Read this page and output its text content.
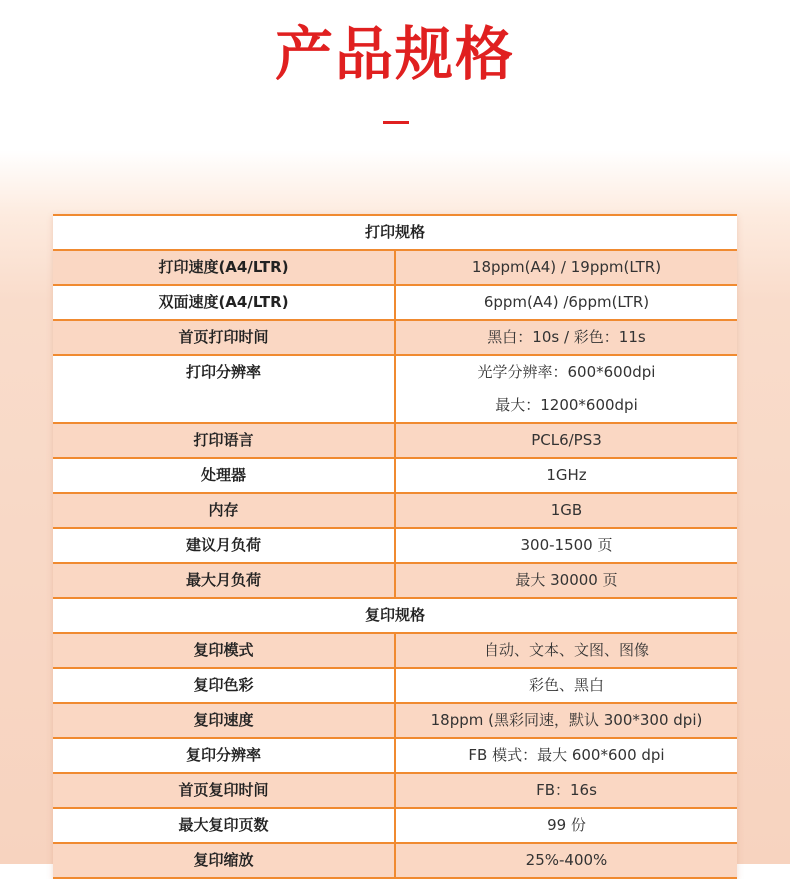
产品规格
打印规格	
打印速度(A4/LTR)	18ppm(A4) / 19ppm(LTR)
双面速度(A4/LTR)	6ppm(A4) /6ppm(LTR)
首页打印时间	黑白：10s / 彩色：11s
打印分辨率	光学分辨率：600*600dpi
最大：1200*600dpi

打印语言	PCL6/PS3
处理器	1GHz
内存	1GB
建议月负荷	300-1500 页
最大月负荷	最大 30000 页
复印规格	
复印模式	自动、文本、文图、图像
复印色彩	彩色、黑白
复印速度	18ppm (黑彩同速，默认 300*300 dpi)
复印分辨率	FB 模式：最大 600*600 dpi
首页复印时间	FB：16s
最大复印页数	99 份
复印缩放	25%-400%
